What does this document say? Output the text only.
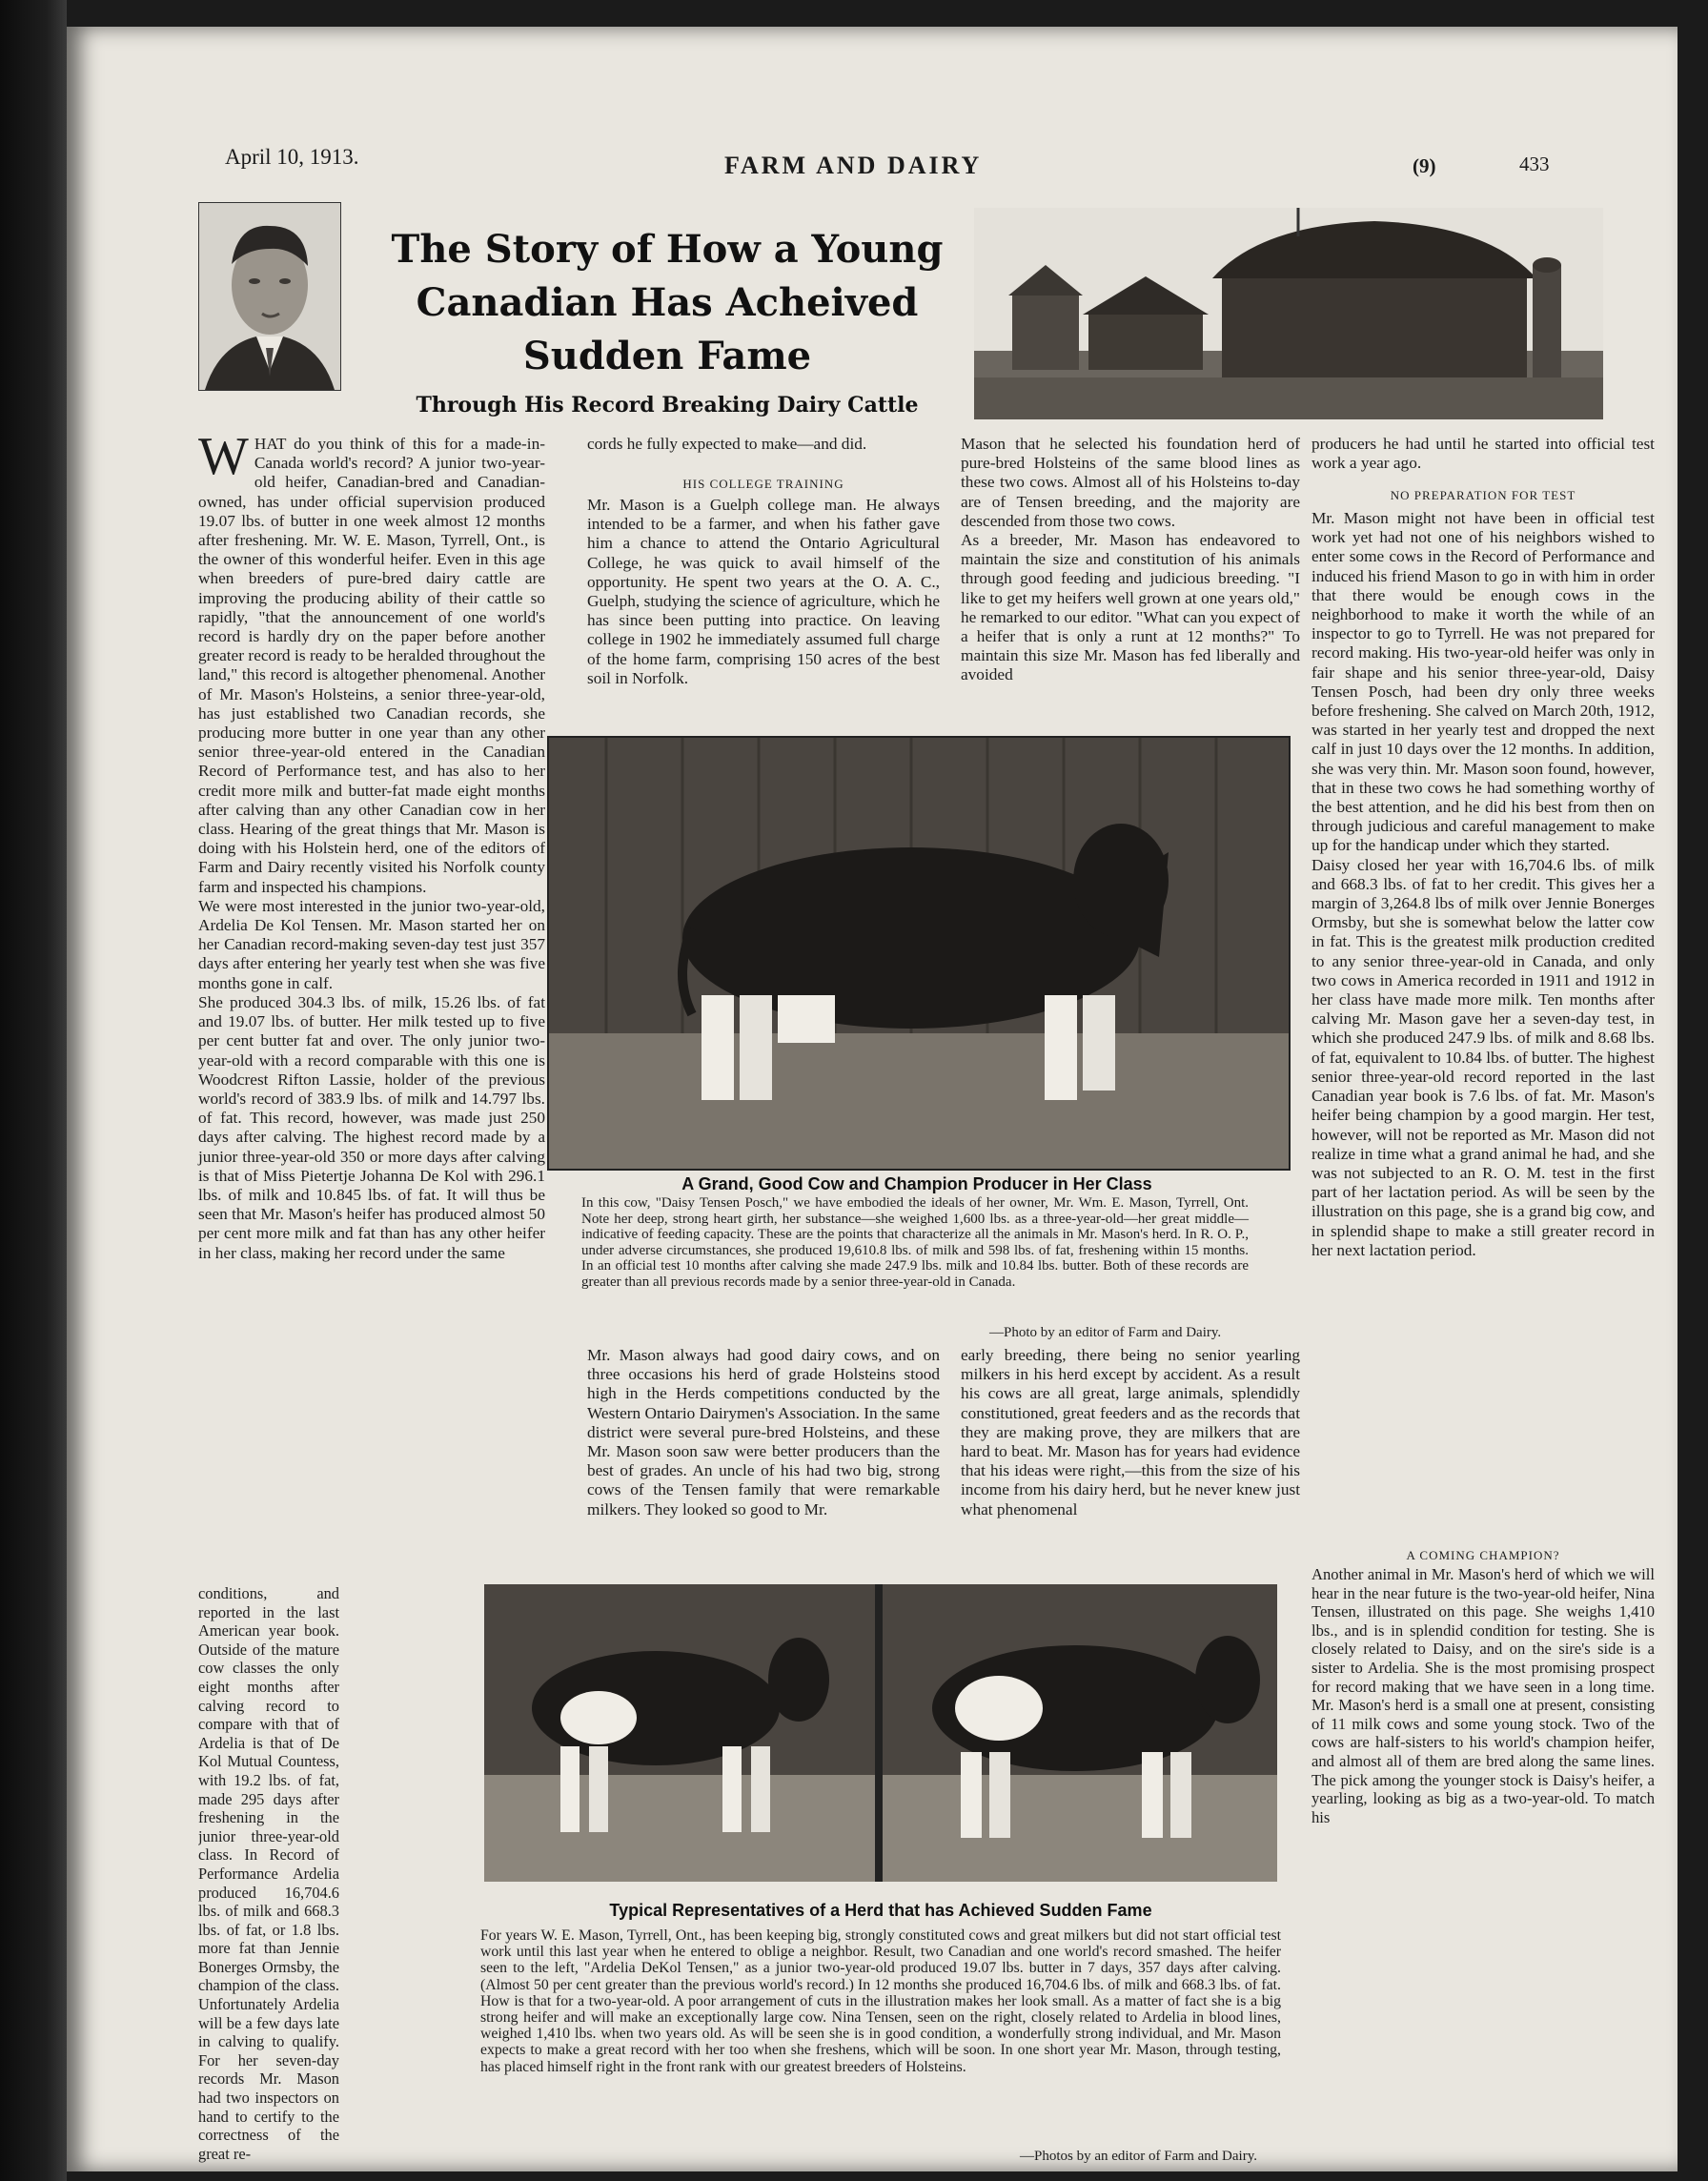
April 10, 1913.	FARM AND DAIRY	(9)	433
The Story of How a Young
Canadian Has Acheived
Sudden Fame
Through His Record Breaking Dairy Cattle
WHAT do you think of this for a made-in-Canada world's record? A junior two-year-old heifer, Canadian-bred and Canadian-owned, has under official supervision produced 19.07 lbs. of butter in one week almost 12 months after freshening. Mr. W. E. Mason, Tyrrell, Ont., is the owner of this wonderful heifer. Even in this age when breeders of pure-bred dairy cattle are improving the producing ability of their cattle so rapidly, "that the announcement of one world's record is hardly dry on the paper before another greater record is ready to be heralded throughout the land," this record is altogether phenomenal. Another of Mr. Mason's Holsteins, a senior three-year-old, has just established two Canadian records, she producing more butter in one year than any other senior three-year-old entered in the Canadian Record of Performance test, and has also to her credit more milk and butter-fat made eight months after calving than any other Canadian cow in her class. Hearing of the great things that Mr. Mason is doing with his Holstein herd, one of the editors of Farm and Dairy recently visited his Norfolk county farm and inspected his champions.
We were most interested in the junior two-year-old, Ardelia De Kol Tensen. Mr. Mason started her on her Canadian record-making seven-day test just 357 days after entering her yearly test when she was five months gone in calf.
She produced 304.3 lbs. of milk, 15.26 lbs. of fat and 19.07 lbs. of butter. Her milk tested up to five per cent butter fat and over. The only junior two-year-old with a record comparable with this one is Woodcrest Rifton Lassie, holder of the previous world's record of 383.9 lbs. of milk and 14.797 lbs. of fat. This record, however, was made just 250 days after calving. The highest record made by a junior three-year-old 350 or more days after calving is that of Miss Pietertje Johanna De Kol with 296.1 lbs. of milk and 10.845 lbs. of fat. It will thus be seen that Mr. Mason's heifer has produced almost 50 per cent more milk and fat than has any other heifer in her class, making her record under the same
conditions, and reported in the last American year book. Outside of the mature cow classes the only eight months after calving record to compare with that of Ardelia is that of De Kol Mutual Countess, with 19.2 lbs. of fat, made 295 days after freshening in the junior three-year-old class. In Record of Performance Ardelia produced 16,704.6 lbs. of milk and 668.3 lbs. of fat, or 1.8 lbs. more fat than Jennie Bonerges Ormsby, the champion of the class. Unfortunately Ardelia will be a few days late in calving to qualify. For her seven-day records Mr. Mason had two inspectors on hand to certify to the correctness of the great re-
cords he fully expected to make—and did.
HIS COLLEGE TRAINING
Mr. Mason is a Guelph college man. He always intended to be a farmer, and when his father gave him a chance to attend the Ontario Agricultural College, he was quick to avail himself of the opportunity. He spent two years at the O. A. C., Guelph, studying the science of agriculture, which he has since been putting into practice. On leaving college in 1902 he immediately assumed full charge of the home farm, comprising 150 acres of the best soil in Norfolk.
Mason that he selected his foundation herd of pure-bred Holsteins of the same blood lines as these two cows. Almost all of his Holsteins to-day are of Tensen breeding, and the majority are descended from those two cows.
As a breeder, Mr. Mason has endeavored to maintain the size and constitution of his animals through good feeding and judicious breeding. "I like to get my heifers well grown at one years old," he remarked to our editor. "What can you expect of a heifer that is only a runt at 12 months?" To maintain this size Mr. Mason has fed liberally and avoided
producers he had until he started into official test work a year ago.
NO PREPARATION FOR TEST
Mr. Mason might not have been in official test work yet had not one of his neighbors wished to enter some cows in the Record of Performance and induced his friend Mason to go in with him in order that there would be enough cows in the neighborhood to make it worth the while of an inspector to go to Tyrrell. He was not prepared for record making. His two-year-old heifer was only in fair shape and his senior three-year-old, Daisy Tensen Posch, had been dry only three weeks before freshening. She calved on March 20th, 1912, was started in her yearly test and dropped the next calf in just 10 days over the 12 months. In addition, she was very thin. Mr. Mason soon found, however, that in these two cows he had something worthy of the best attention, and he did his best from then on through judicious and careful management to make up for the handicap under which they started.
Daisy closed her year with 16,704.6 lbs. of milk and 668.3 lbs. of fat to her credit. This gives her a margin of 3,264.8 lbs of milk over Jennie Bonerges Ormsby, but she is somewhat below the latter cow in fat. This is the greatest milk production credited to any senior three-year-old in Canada, and only two cows in America recorded in 1911 and 1912 in her class have made more milk. Ten months after calving Mr. Mason gave her a seven-day test, in which she produced 247.9 lbs. of milk and 8.68 lbs. of fat, equivalent to 10.84 lbs. of butter. The highest senior three-year-old record reported in the last Canadian year book is 7.6 lbs. of fat. Mr. Mason's heifer being champion by a good margin. Her test, however, will not be reported as Mr. Mason did not realize in time what a grand animal he had, and she was not subjected to an R. O. M. test in the first part of her lactation period. As will be seen by the illustration on this page, she is a grand big cow, and in splendid shape to make a still greater record in her next lactation period.
A COMING CHAMPION?
Another animal in Mr. Mason's herd of which we will hear in the near future is the two-year-old heifer, Nina Tensen, illustrated on this page. She weighs 1,410 lbs., and is in splendid condition for testing. She is closely related to Daisy, and on the sire's side is a sister to Ardelia. She is the most promising prospect for record making that we have seen in a long time. Mr. Mason's herd is a small one at present, consisting of 11 milk cows and some young stock. Two of the cows are half-sisters to his world's champion heifer, and almost all of them are bred along the same lines. The pick among the younger stock is Daisy's heifer, a yearling, looking as big as a two-year-old. To match his
A Grand, Good Cow and Champion Producer in Her Class
In this cow, "Daisy Tensen Posch," we have embodied the ideals of her owner, Mr. Wm. E. Mason, Tyrrell, Ont. Note her deep, strong heart girth, her substance—she weighed 1,600 lbs. as a three-year-old—her great middle—indicative of feeding capacity. These are the points that characterize all the animals in Mr. Mason's herd. In R. O. P., under adverse circumstances, she produced 19,610.8 lbs. of milk and 598 lbs. of fat, freshening within 15 months. In an official test 10 months after calving she made 247.9 lbs. milk and 10.84 lbs. butter. Both of these records are greater than all previous records made by a senior three-year-old in Canada.
—Photo by an editor of Farm and Dairy.
Mr. Mason always had good dairy cows, and on three occasions his herd of grade Holsteins stood high in the Herds competitions conducted by the Western Ontario Dairymen's Association. In the same district were several pure-bred Holsteins, and these Mr. Mason soon saw were better producers than the best of grades. An uncle of his had two big, strong cows of the Tensen family that were remarkable milkers. They looked so good to Mr.
early breeding, there being no senior yearling milkers in his herd except by accident. As a result his cows are all great, large animals, splendidly constitutioned, great feeders and as the records that they are making prove, they are milkers that are hard to beat. Mr. Mason has for years had evidence that his ideas were right,—this from the size of his income from his dairy herd, but he never knew just what phenomenal
Typical Representatives of a Herd that has Achieved Sudden Fame
For years W. E. Mason, Tyrrell, Ont., has been keeping big, strongly constituted cows and great milkers but did not start official test work until this last year when he entered to oblige a neighbor. Result, two Canadian and one world's record smashed. The heifer seen to the left, "Ardelia DeKol Tensen," as a junior two-year-old produced 19.07 lbs. butter in 7 days, 357 days after calving. (Almost 50 per cent greater than the previous world's record.) In 12 months she produced 16,704.6 lbs. of milk and 668.3 lbs. of fat. How is that for a two-year-old. A poor arrangement of cuts in the illustration makes her look small. As a matter of fact she is a big strong heifer and will make an exceptionally large cow. Nina Tensen, seen on the right, closely related to Ardelia in blood lines, weighed 1,410 lbs. when two years old. As will be seen she is in good condition, a wonderfully strong individual, and Mr. Mason expects to make a great record with her too when she freshens, which will be soon. In one short year Mr. Mason, through testing, has placed himself right in the front rank with our greatest breeders of Holsteins.
—Photos by an editor of Farm and Dairy.
